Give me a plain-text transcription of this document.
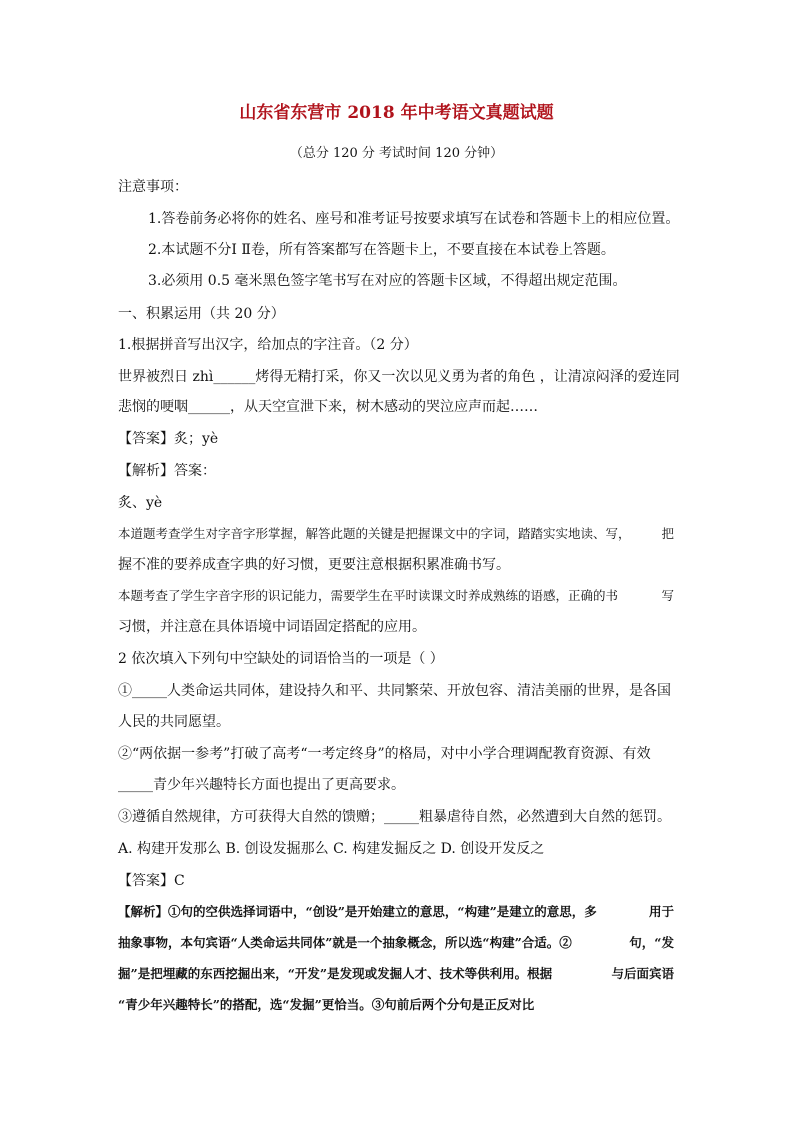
山东省东营市 2018 年中考语文真题试题
（总分 120 分 考试时间 120 分钟）
注意事项：
1.答卷前务必将你的姓名、座号和准考证号按要求填写在试卷和答题卡上的相应位置。
2.本试题不分Ⅰ Ⅱ卷，所有答案都写在答题卡上，不要直接在本试卷上答题。
3.必须用 0.5 毫米黑色签字笔书写在对应的答题卡区域，不得超出规定范围。
一、积累运用（共 20 分）
1.根据拼音写出汉字，给加点的字注音。（2 分）
世界被烈日 zhì______烤得无精打采，你又一次以见义勇为者的角色 ，让清凉闷泽的爱连同
悲悯的哽咽______，从天空宣泄下来，树木感动的哭泣应声而起……
【答案】炙；yè
【解析】答案：
炙、yè
本道题考查学生对字音字形掌握，解答此题的关键是把握课文中的字词，踏踏实实地读、写， 把
握不准的要养成查字典的好习惯，更要注意根据积累准确书写。
本题考查了学生字音字形的识记能力，需要学生在平时读课文时养成熟练的语感，正确的书	写
习惯，并注意在具体语境中词语固定搭配的应用。
2 依次填入下列句中空缺处的词语恰当的一项是（ ）
①_____人类命运共同体，建设持久和平、共同繁荣、开放包容、清洁美丽的世界，是各国
人民的共同愿望。
②“两依据一参考”打破了高考“一考定终身”的格局，对中小学合理调配教育资源、有效
_____青少年兴趣特长方面也提出了更高要求。
③遵循自然规律，方可获得大自然的馈赠；_____粗暴虐待自然，必然遭到大自然的惩罚。
A. 构建开发那么 B. 创设发掘那么 C. 构建发掘反之 D. 创设开发反之
【答案】C
【解析】①句的空供选择词语中，“创设”是开始建立的意思，“构建”是建立的意思，多	用于
抽象事物，本句宾语“人类命运共同体”就是一个抽象概念，所以选“构建”合适。②	句，“发
掘”是把埋藏的东西挖掘出来，“开发”是发现或发掘人才、技术等供利用。根据	与后面宾语
“青少年兴趣特长”的搭配，选“发掘”更恰当。③句前后两个分句是正反对比
